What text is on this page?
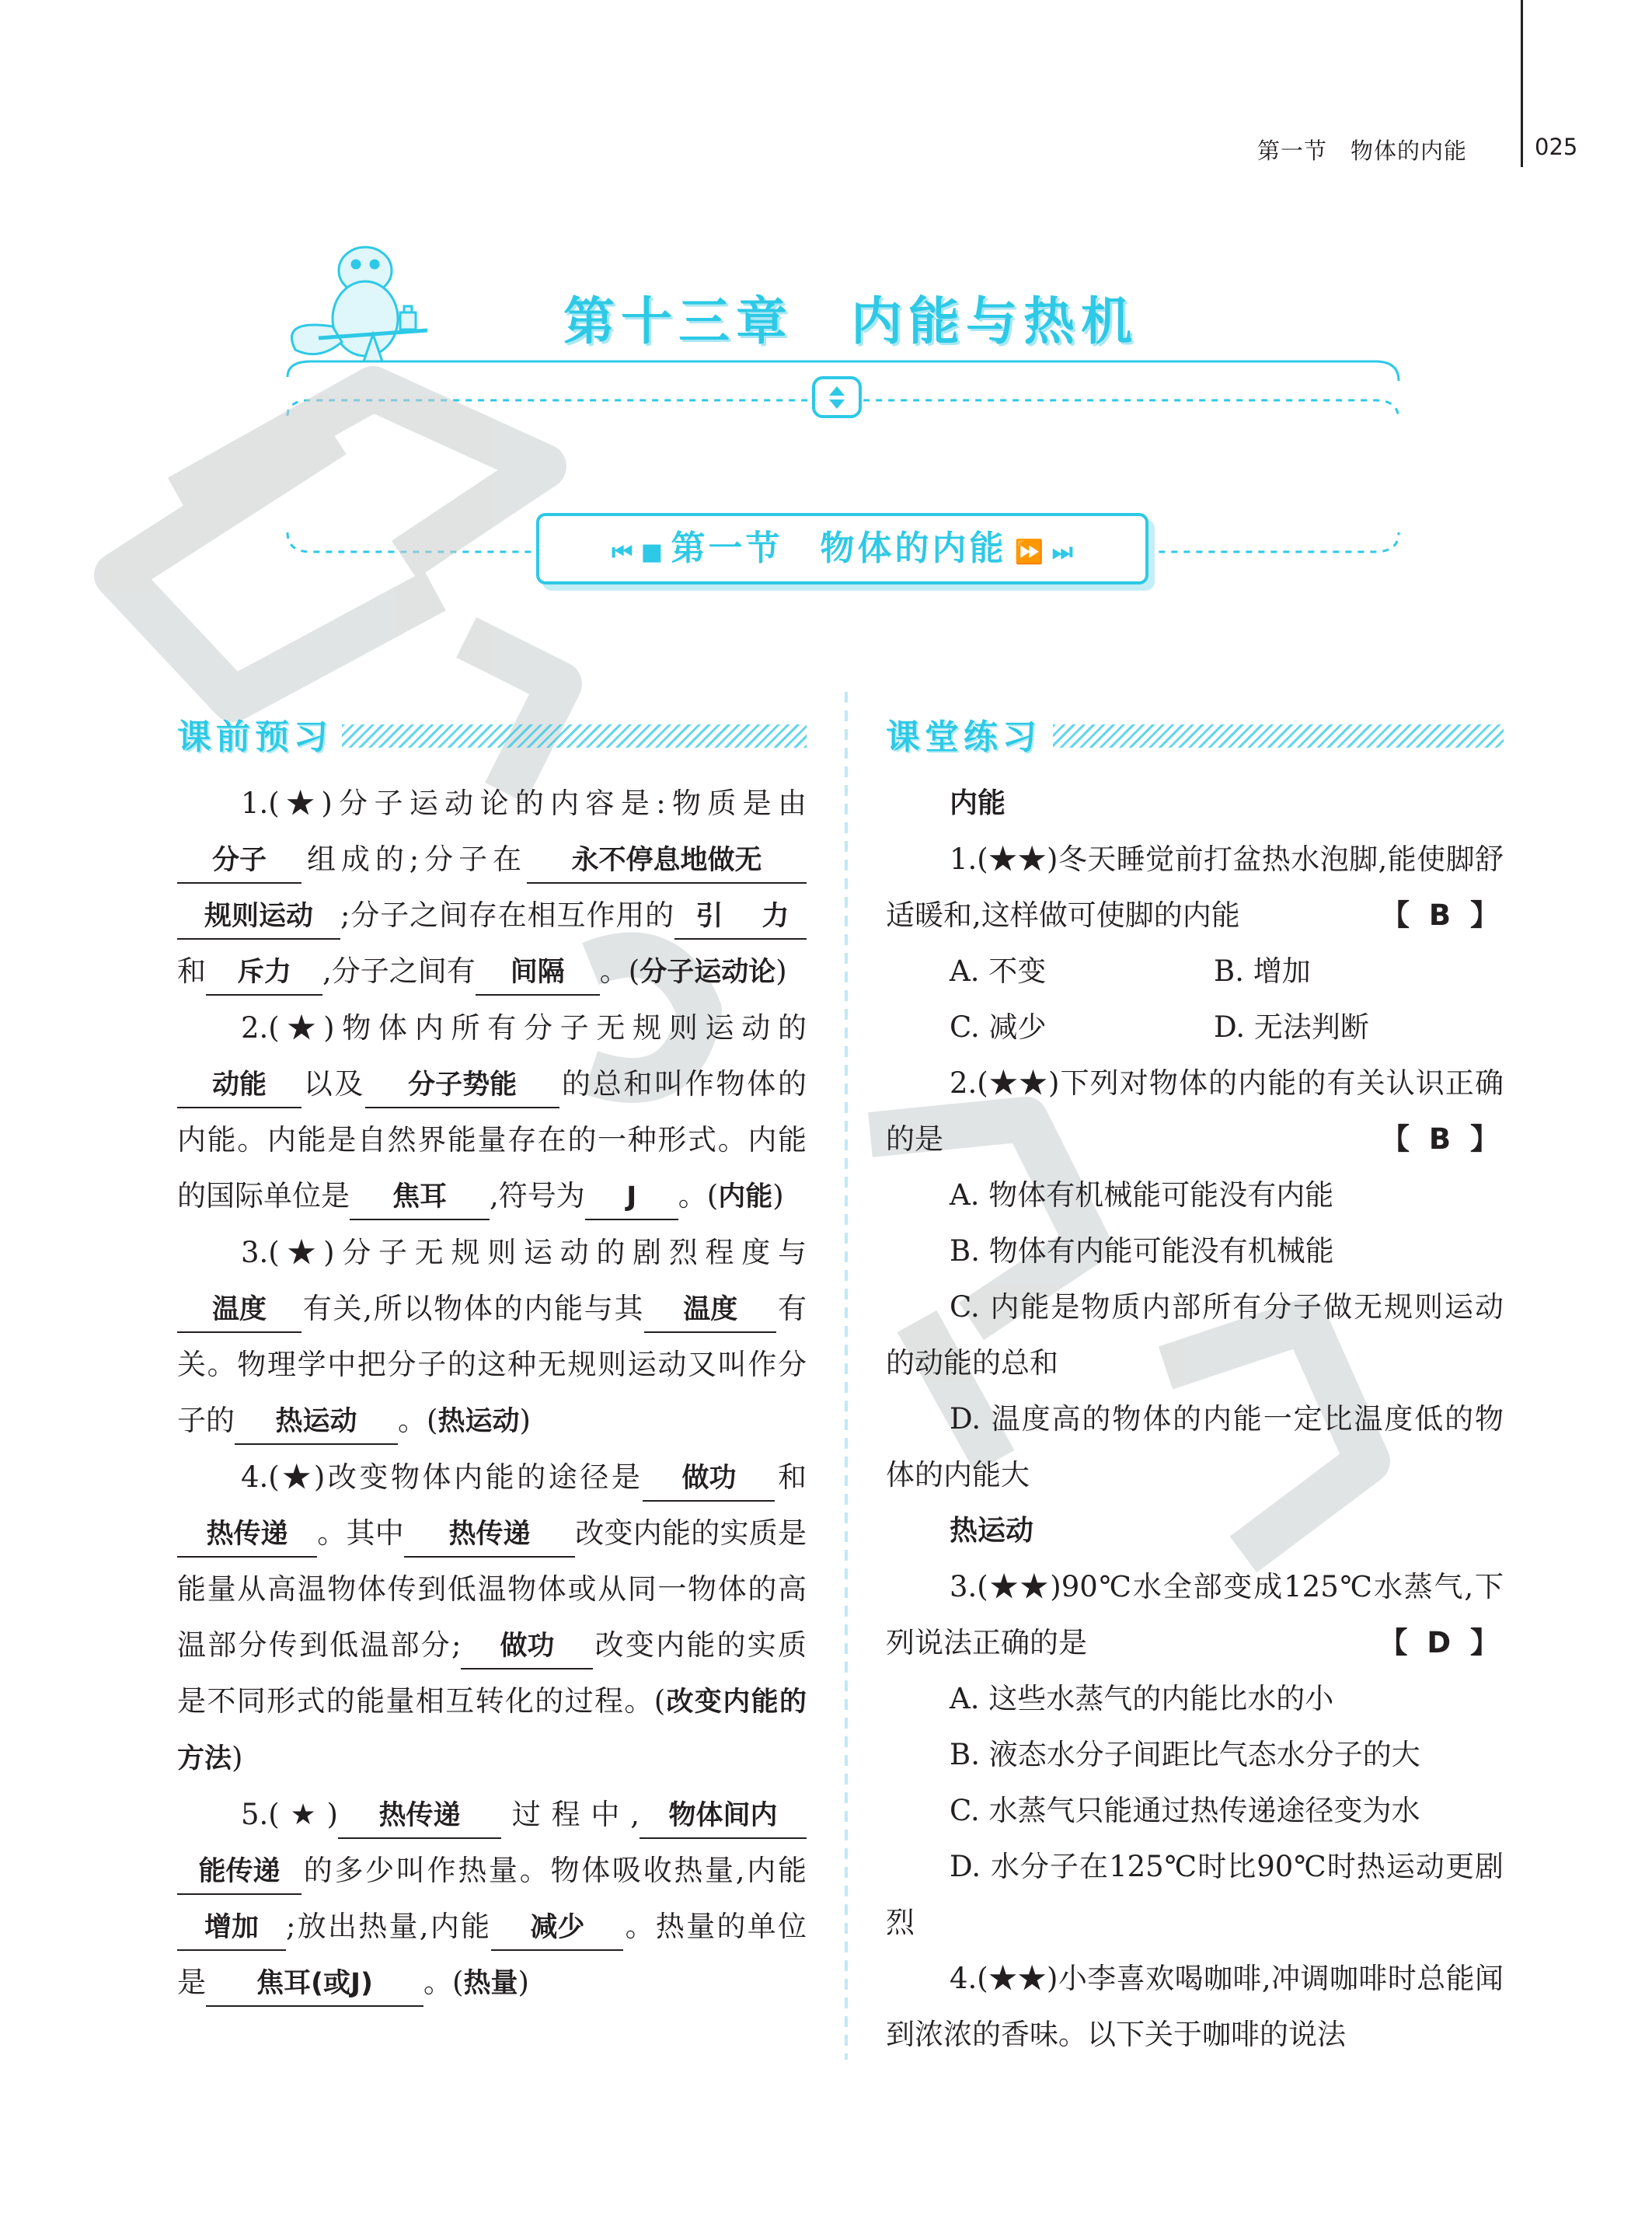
第一节　物体的内能	025
第十三章　内能与热机
⏮ ■ 第一节　物体的内能 ⏩ ⏭
课前预习

1.(★)分子运动论的内容是:物质是由分子 组成的;分子在 永不停息地做无规则运动 ;分子之间存在相互作用的 引 力和 斥力 ,分子之间有 间隔 。(分子运动论)

2.(★)物体内所有分子无规则运动的动能 以及 分子势能 的总和叫作物体的内能。内能是自然界能量存在的一种形式。内能的国际单位是 焦耳 ,符号为 J 。(内能)

3.(★)分子无规则运动的剧烈程度与温度 有关,所以物体的内能与其 温度 有关。物理学中把分子的这种无规则运动又叫作分子的 热运动 。(热运动)

4.(★)改变物体内能的途径是 做功 和热传递 。其中 热传递 改变内能的实质是能量从高温物体传到低温物体或从同一物体的高温部分传到低温部分; 做功 改变内能的实质是不同形式的能量相互转化的过程。(改变内能的方法)

5.(★) 热传递 过程中, 物体间内能传递 的多少叫作热量。物体吸收热量,内能增加 ;放出热量,内能 减少 。热量的单位是 焦耳(或J) 。(热量)

课堂练习
内能

1.(★★)冬天睡觉前打盆热水泡脚,能使脚舒适暖和,这样做可使脚的内能	【 B 】

A. 不变	B. 增加
C. 减少	D. 无法判断

2.(★★)下列对物体的内能的有关认识正确的是	【 B 】

A. 物体有机械能可能没有内能

B. 物体有内能可能没有机械能

C. 内能是物质内部所有分子做无规则运动的动能的总和

D. 温度高的物体的内能一定比温度低的物体的内能大

热运动

3.(★★)90℃水全部变成125℃水蒸气,下列说法正确的是	【 D 】

A. 这些水蒸气的内能比水的小

B. 液态水分子间距比气态水分子的大

C. 水蒸气只能通过热传递途径变为水

D. 水分子在125℃时比90℃时热运动更剧烈

4.(★★)小李喜欢喝咖啡,冲调咖啡时总能闻到浓浓的香味。以下关于咖啡的说法
